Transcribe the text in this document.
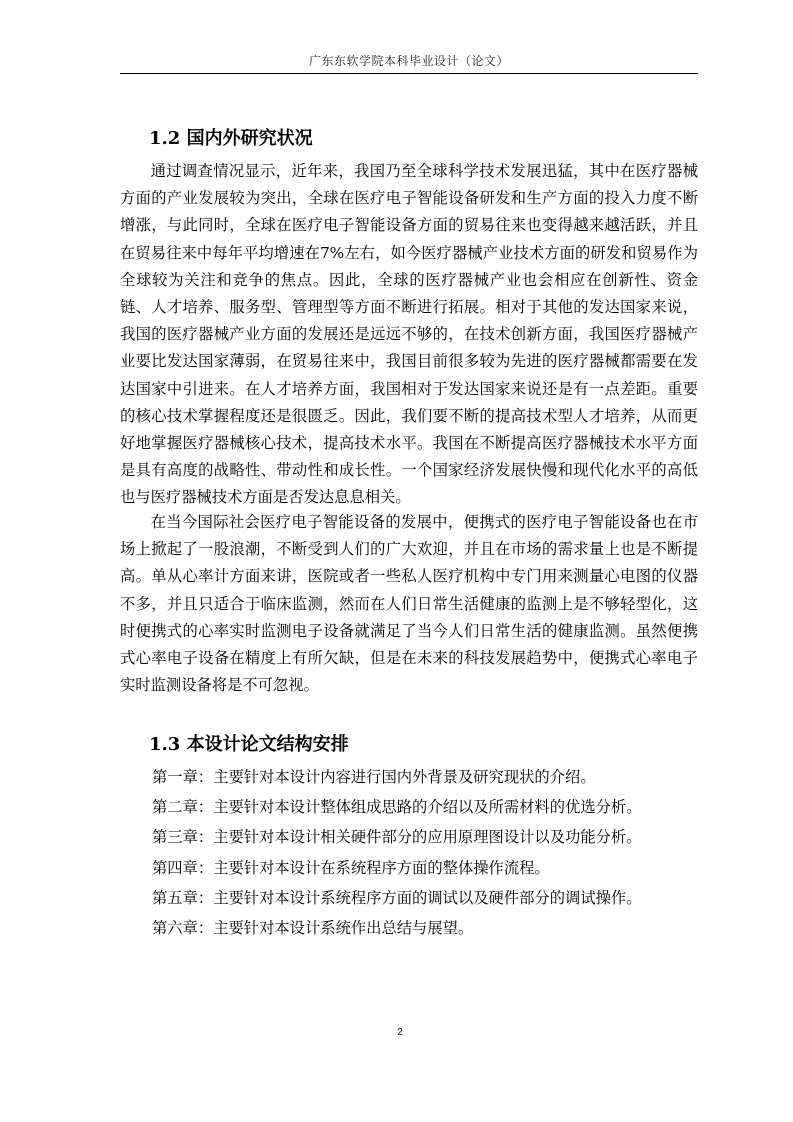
广东东软学院本科毕业设计（论文）
1.2 国内外研究状况

通过调查情况显示，近年来，我国乃至全球科学技术发展迅猛，其中在医疗器械方面的产业发展较为突出，全球在医疗电子智能设备研发和生产方面的投入力度不断增涨，与此同时，全球在医疗电子智能设备方面的贸易往来也变得越来越活跃，并且在贸易往来中每年平均增速在7%左右，如今医疗器械产业技术方面的研发和贸易作为全球较为关注和竞争的焦点。因此，全球的医疗器械产业也会相应在创新性、资金链、人才培养、服务型、管理型等方面不断进行拓展。相对于其他的发达国家来说，我国的医疗器械产业方面的发展还是远远不够的，在技术创新方面，我国医疗器械产业要比发达国家薄弱，在贸易往来中，我国目前很多较为先进的医疗器械都需要在发达国家中引进来。在人才培养方面，我国相对于发达国家来说还是有一点差距。重要的核心技术掌握程度还是很匮乏。因此，我们要不断的提高技术型人才培养，从而更好地掌握医疗器械核心技术，提高技术水平。我国在不断提高医疗器械技术水平方面是具有高度的战略性、带动性和成长性。一个国家经济发展快慢和现代化水平的高低也与医疗器械技术方面是否发达息息相关。

在当今国际社会医疗电子智能设备的发展中，便携式的医疗电子智能设备也在市场上掀起了一股浪潮，不断受到人们的广大欢迎，并且在市场的需求量上也是不断提高。单从心率计方面来讲，医院或者一些私人医疗机构中专门用来测量心电图的仪器不多，并且只适合于临床监测，然而在人们日常生活健康的监测上是不够轻型化，这时便携式的心率实时监测电子设备就满足了当今人们日常生活的健康监测。虽然便携式心率电子设备在精度上有所欠缺，但是在未来的科技发展趋势中，便携式心率电子实时监测设备将是不可忽视。

1.3 本设计论文结构安排
第一章：主要针对本设计内容进行国内外背景及研究现状的介绍。
第二章：主要针对本设计整体组成思路的介绍以及所需材料的优选分析。
第三章：主要针对本设计相关硬件部分的应用原理图设计以及功能分析。
第四章：主要针对本设计在系统程序方面的整体操作流程。
第五章：主要针对本设计系统程序方面的调试以及硬件部分的调试操作。
第六章：主要针对本设计系统作出总结与展望。
2
